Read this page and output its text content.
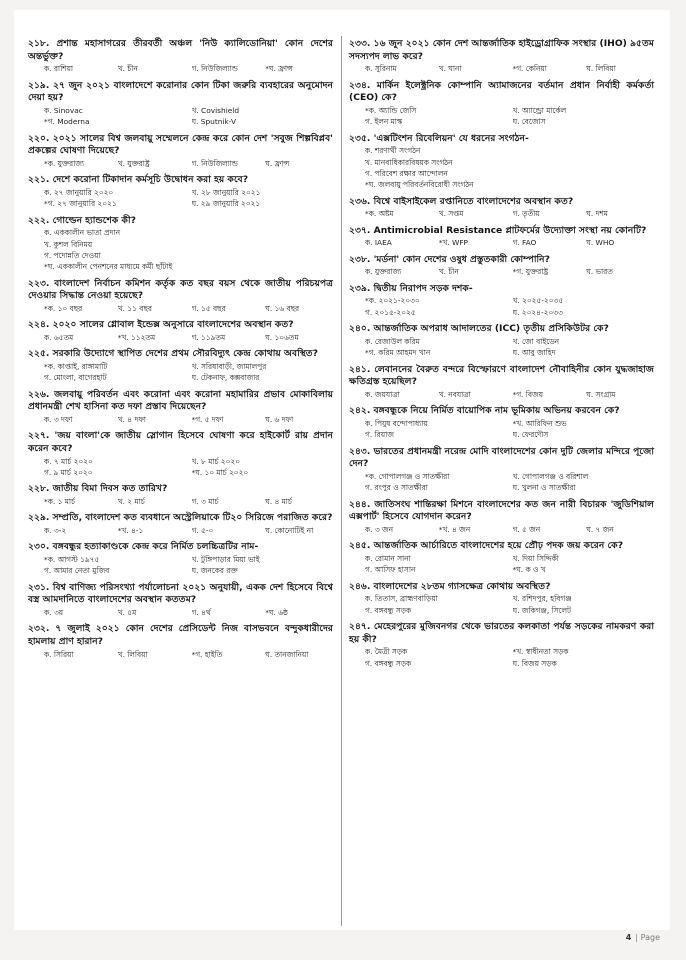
২১৮. প্রশান্ত মহাসাগরের তীরবর্তী অঞ্চল 'নিউ ক্যালিডোনিয়া' কোন দেশের অন্তর্ভুক্ত?
ক. রাশিয়া	খ. চীন	গ. নিউজিল্যান্ড	*ঘ. ফ্রান্স
২১৯. ২৭ জুন ২০২১ বাংলাদেশে করোনার কোন টিকা জরুরি ব্যবহারের অনুমোদন দেয়া হয়?
ক. Sinovac	খ. Covishield
*গ. Moderna	ঘ. Sputnik-V
২২০. ২০২১ সালের বিশ্ব জলবায়ু সম্মেলনে কেন্দ্র করে কোন দেশ 'সবুজ শিল্পবিপ্লব' প্রকল্পের ঘোষণা দিয়েছে?
*ক. যুক্তরাজ্য	খ. যুক্তরাষ্ট্র	গ. নিউজিল্যান্ড	ঘ. ফ্রান্স
২২১. দেশে করোনা টিকাদান কর্মসূচি উদ্বোধন করা হয় কবে?
ক. ২৭ জানুয়ারি ২০২০	খ. ২৮ জানুয়ারি ২০২১
*গ. ২৭ জানুয়ারি ২০২১	ঘ. ২৯ জানুয়ারি ২০২১
২২২. গোল্ডেন হ্যান্ডশেক কী?
ক. এককালীন ভাতা প্রদান
খ. কুশল বিনিময়
গ. পদোন্নতি দেওয়া
*ঘ. এককালীন পেনশনের মাধ্যমে কর্মী ছাঁটাই
২২৩. বাংলাদেশ নির্বাচন কমিশন কর্তৃক কত বছর বয়স থেকে জাতীয় পরিচয়পত্র দেওয়ার সিদ্ধান্ত নেওয়া হয়েছে?
*ক. ১০ বছর	খ. ১১ বছর	গ. ১৫ বছর	ঘ. ১৬ বছর
২২৪. ২০২০ সালের গ্লোবাল ইন্ডেক্স অনুসারে বাংলাদেশের অবস্থান কত?
ক. ৬৫তম	*খ. ১১২তম	গ. ১১৯তম	ঘ. ১০৬তম
২২৫. সরকারি উদ্যোগে স্থাপিত দেশের প্রথম সৌরবিদ্যুৎ কেন্দ্র কোথায় অবস্থিত?
*ক. কাপ্তাই, রাঙ্গামাটি	খ. সরিষাবাড়ী, জামালপুর
গ. মোংলা, বাগেরহাট	ঘ. টেকনাফ, কক্সবাজার
২২৬. জলবায়ু পরিবর্তন এবং করোনা এবং করোনা মহামারির প্রভাব মোকাবিলায় প্রধানমন্ত্রী শেখ হাসিনা কত দফা প্রস্তাব দিয়েছেন?
ক. ৩ দফা	খ. ৪ দফা	*গ. ৫ দফা	ঘ. ৬ দফা
২২৭. 'জয় বাংলা'কে জাতীয় স্লোগান হিসেবে ঘোষণা করে হাইকোর্ট রায় প্রদান করেন কবে?
ক. ৭ মার্চ ২০২০	খ. ৮ মার্চ ২০২০
গ. ৯ মার্চ ২০২০	*ঘ. ১০ মার্চ ২০২০
২২৮. জাতীয় বিমা দিবস কত তারিখ?
*ক. ১ মার্চ	খ. ২ মার্চ	গ. ৩ মার্চ	ঘ. ৪ মার্চ
২২৯. সম্প্রতি, বাংলাদেশ কত ব্যবধানে অস্ট্রেলিয়াকে টি২০ সিরিজে পরাজিত করে?
ক. ৩-২	*খ. ৪-১	গ. ৫-০	ঘ. কোনোটিই না
২৩০. বঙ্গবন্ধুর হত্যাকাণ্ডকে কেন্দ্র করে নির্মিত চলচ্চিত্রটির নাম-
*ক. আগস্ট ১৯৭৫	খ. টুঙ্গিপাড়ার মিয়া ভাই
গ. আমার নেতা মুজিব	ঘ. জনকের রক্ত
২৩১. বিশ্ব বাণিজ্য পরিসংখ্যা পর্যালোচনা ২০২১ অনুযায়ী, একক দেশ হিসেবে বিশ্বে বস্ত্র আমদানিতে বাংলাদেশের অবস্থান কততম?
ক. ৩য়	খ. ৫ম	গ. ৪র্থ	*ঘ. ৬ষ্ঠ
২৩২. ৭ জুলাই ২০২১ কোন দেশের প্রেসিডেন্ট নিজ বাসভবনে বন্দুকধারীদের হামলায় প্রাণ হারান?
ক. সিরিয়া	খ. লিবিয়া	*গ. হাইতি	ঘ. তানজানিয়া
২৩৩. ১৬ জুন ২০২১ কোন দেশ আন্তর্জাতিক হাইড্রোগ্রাফিক সংস্থার (IHO) ৯৫তম সদস্যপদ লাভ করে?
ক. সুরিনাম	খ. ঘানা	*গ. কেনিয়া	ঘ. লিবিয়া
২৩৪. মার্কিন ইলেক্ট্রনিক কোম্পানি অ্যামাজনের বর্তমান প্রধান নির্বাহী কর্মকর্তা (CEO) কে?
*ক. অ্যান্ডি জেসি	খ. অ্যান্ড্রো মার্কেল
গ. ইলন মাস্ক	ঘ. বেজোস
২৩৫. 'এক্সটিংশন রিবেলিয়ন' যে ধরনের সংগঠন-
ক. শরণার্থী সংগঠন
খ. মানবাধিকারবিষয়ক সংগঠন
গ. পরিবেশ রক্ষার আন্দোলন
*ঘ. জলবায়ু পরিবর্তনবিরোধী সংগঠন
২৩৬. বিশ্বে বাইসাইকেল রপ্তানিতে বাংলাদেশের অবস্থান কত?
*ক. অষ্টম	খ. সপ্তম	গ. তৃতীয়	ঘ. দশম
২৩৭. Antimicrobial Resistance প্লাটফর্মের উদ্যোক্তা সংস্থা নয় কোনটি?
ক. IAEA	*খ. WFP	গ. FAO	ঘ. WHO
২৩৮. 'মর্ডনা' কোন দেশের ওষুধ প্রস্তুতকারী কোম্পানি?
ক. যুক্তরাজ্য	খ. চীন	*গ. যুক্তরাষ্ট্র	ঘ. ভারত
২৩৯. দ্বিতীয় নিরাপদ সড়ক দশক-
*ক. ২০২১-২০৩০	খ. ২০২৫-২০৩৫
গ. ২০১৫-২০২৫	ঘ. ২০২৪-২০৩৩
২৪০. আন্তর্জাতিক অপরাধ আদালতের (ICC) তৃতীয় প্রসিকিউটর কে?
ক. রেজাউল করিম	খ. জো বাইডেন
*গ. করিম আহমদ খান	ঘ. আবু জাহিদ
২৪১. লেবাননের বৈরুত বন্দরে বিস্ফোরণে বাংলাদেশ নৌবাহিনীর কোন যুদ্ধজাহাজ ক্ষতিগ্রস্ত হয়েছিল?
ক. জয়যাত্রা	খ. নবযাত্রা	*গ. বিজয়	ঘ. সংগ্রাম
২৪২. বঙ্গবন্ধুকে নিয়ে নির্মিত বায়োপিক নাম ভূমিকায় অভিনয় করবেন কে?
ক. পিযুষ বন্দোপাধ্যায়	*খ. আরিফিন শুভ
গ. রিয়াজ	ঘ. ফেরদৌস
২৪৩. ভারতের প্রধানমন্ত্রী নরেন্দ্র মোদি বাংলাদেশের কোন দুটি জেলার মন্দিরে পূজো দেন?
*ক. গোপালগঞ্জ ও সাতক্ষীরা	খ. গোপালগঞ্জ ও বরিশাল
গ. রংপুর ও সাতক্ষীরা	ঘ. খুলনা ও সাতক্ষীরা
২৪৪. জাতিসংঘ শান্তিরক্ষা মিশনে বাংলাদেশের কত জন নারী বিচারক 'জুডিশিয়াল এক্সপার্ট' হিসেবে যোগদান করেন?
ক. ৩ জন	*খ. ৪ জন	গ. ৫ জন	ঘ. ৭ জন
২৪৫. আন্তর্জাতিক আর্চারিতে বাংলাদেশের হয়ে প্রৌঢ় পদক জয় করেন কে?
ক. রোমান সানা	খ. দিয়া সিদ্দিকী
গ. আসিফ হাসান	*ঘ. ক ও খ
২৪৬. বাংলাদেশের ২৮তম গ্যাসক্ষেত্র কোথায় অবস্থিত?
ক. তিতাস, ব্রাহ্মণবাড়িয়া	খ. রশিদপুর, হবিগঞ্জ
গ. বঙ্গবন্ধু সড়ক	ঘ. জকিগঞ্জ, সিলেট
২৪৭. মেহেরপুরের মুজিবনগর থেকে ভারতের কলকাতা পর্যন্ত সড়কের নামকরণ করা হয় কী?
ক. মৈত্রী সড়ক	*খ. স্বাধীনতা সড়ক
গ. বঙ্গবন্ধু সড়ক	ঘ. বিজয় সড়ক
4 | Page
